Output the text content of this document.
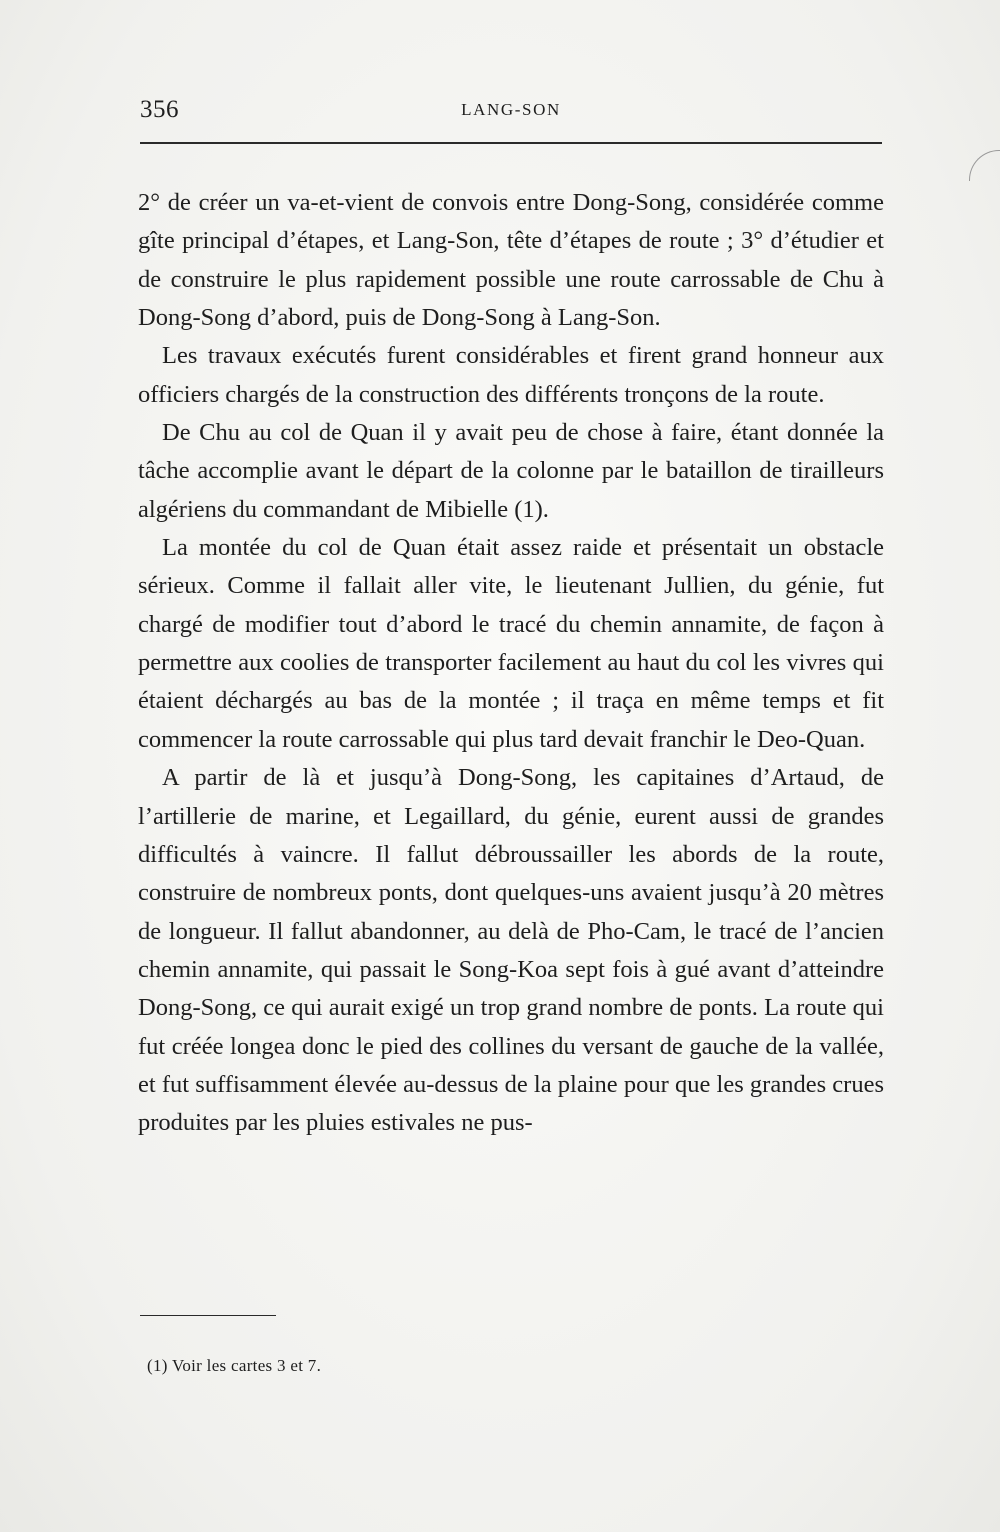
356	LANG-SON

2° de créer un va-et-vient de convois entre Dong-Song, considérée comme gîte principal d’étapes, et Lang-Son, tête d’étapes de route ; 3° d’étudier et de construire le plus rapidement possible une route carrossable de Chu à Dong-Song d’abord, puis de Dong-Song à Lang-Son.

Les travaux exécutés furent considérables et firent grand honneur aux officiers chargés de la construction des différents tronçons de la route.

De Chu au col de Quan il y avait peu de chose à faire, étant donnée la tâche accomplie avant le départ de la colonne par le bataillon de tirailleurs algériens du commandant de Mibielle (1).

La montée du col de Quan était assez raide et présentait un obstacle sérieux. Comme il fallait aller vite, le lieutenant Jullien, du génie, fut chargé de modifier tout d’abord le tracé du chemin annamite, de façon à permettre aux coolies de transporter facilement au haut du col les vivres qui étaient déchargés au bas de la montée ; il traça en même temps et fit commencer la route carrossable qui plus tard devait franchir le Deo-Quan.

A partir de là et jusqu’à Dong-Song, les capitaines d’Artaud, de l’artillerie de marine, et Legaillard, du génie, eurent aussi de grandes difficultés à vaincre. Il fallut débroussailler les abords de la route, construire de nombreux ponts, dont quelques-uns avaient jusqu’à 20 mètres de longueur. Il fallut abandonner, au delà de Pho-Cam, le tracé de l’ancien chemin annamite, qui passait le Song-Koa sept fois à gué avant d’atteindre Dong-Song, ce qui aurait exigé un trop grand nombre de ponts. La route qui fut créée longea donc le pied des collines du versant de gauche de la vallée, et fut suffisamment élevée au-dessus de la plaine pour que les grandes crues produites par les pluies estivales ne pus-

(1) Voir les cartes 3 et 7.
